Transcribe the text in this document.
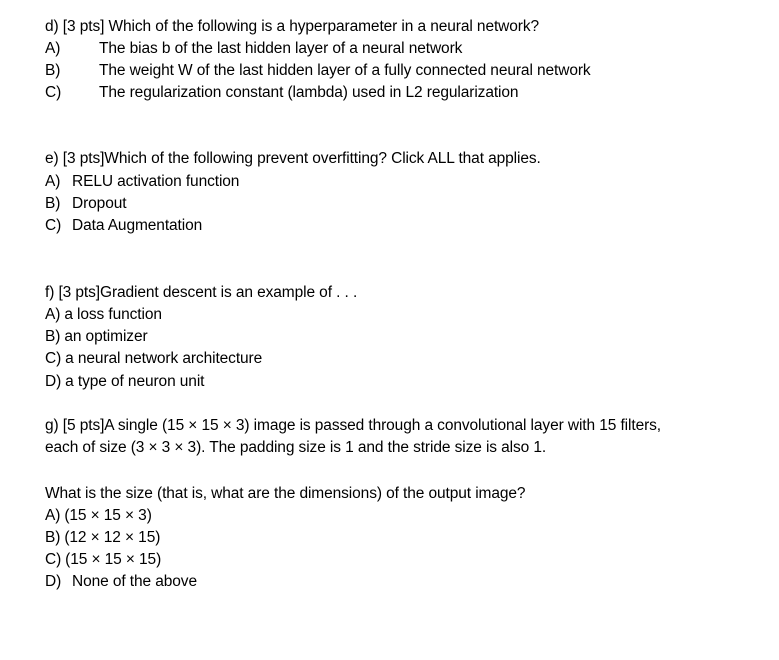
d) [3 pts] Which of the following is a hyperparameter in a neural network?
A) The bias b of the last hidden layer of a neural network
B) The weight W of the last hidden layer of a fully connected neural network
C) The regularization constant (lambda) used in L2 regularization
e) [3 pts]Which of the following prevent overfitting? Click ALL that applies.
A) RELU activation function
B) Dropout
C) Data Augmentation
f) [3 pts]Gradient descent is an example of . . .
A) a loss function
B) an optimizer
C) a neural network architecture
D) a type of neuron unit
g) [5 pts]A single (15 × 15 × 3) image is passed through a convolutional layer with 15 filters,
each of size (3 × 3 × 3). The padding size is 1 and the stride size is also 1.
What is the size (that is, what are the dimensions) of the output image?
A) (15 × 15 × 3)
B) (12 × 12 × 15)
C) (15 × 15 × 15)
D) None of the above
